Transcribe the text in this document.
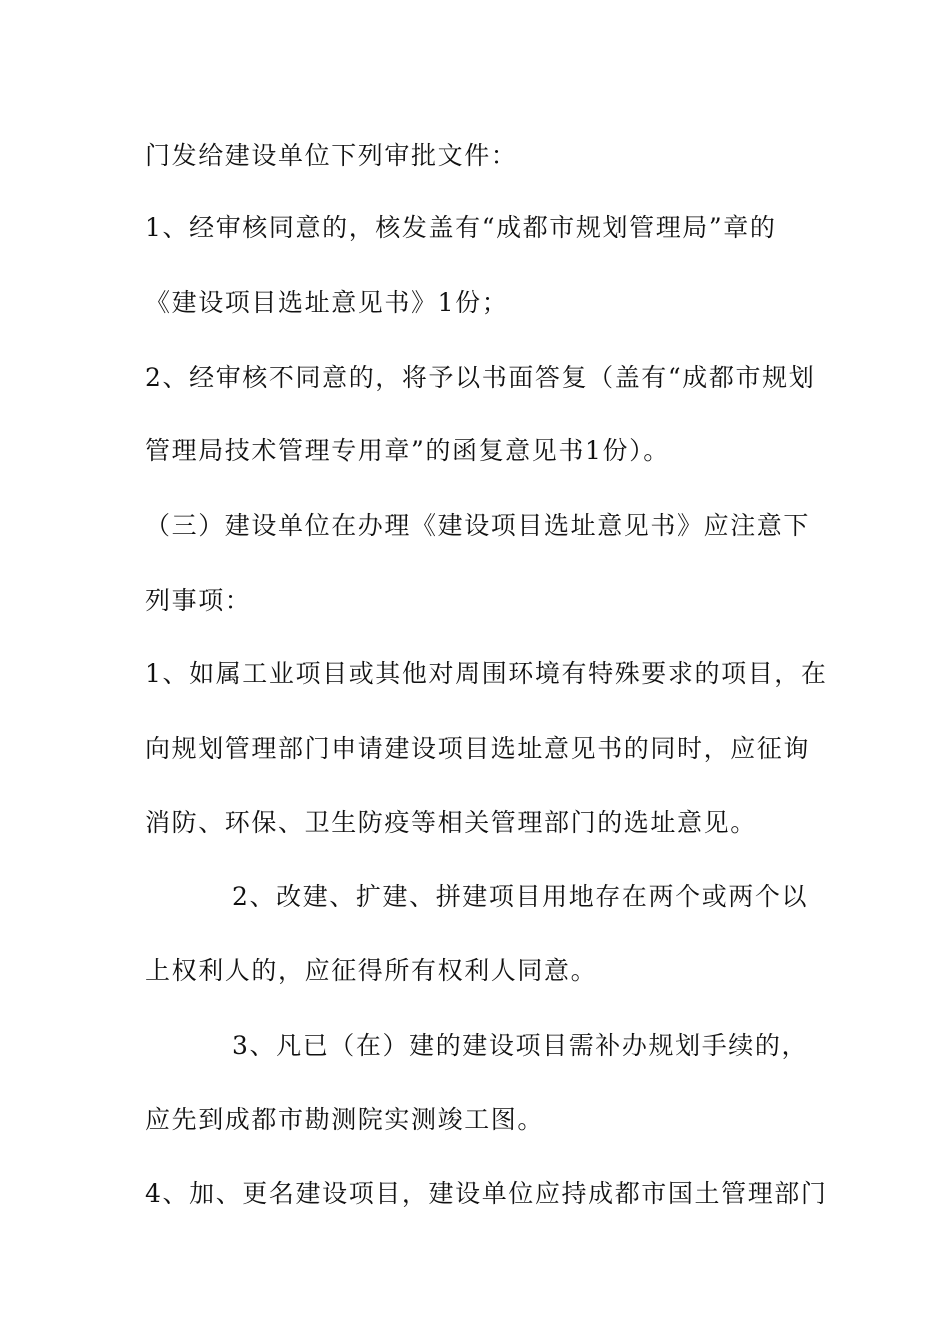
门发给建设单位下列审批文件：
1、经审核同意的，核发盖有“成都市规划管理局”章的
《建设项目选址意见书》1份；
2、经审核不同意的，将予以书面答复（盖有“成都市规划
管理局技术管理专用章”的函复意见书1份）。
（三）建设单位在办理《建设项目选址意见书》应注意下
列事项：
1、如属工业项目或其他对周围环境有特殊要求的项目，在
向规划管理部门申请建设项目选址意见书的同时，应征询
消防、环保、卫生防疫等相关管理部门的选址意见。
2、改建、扩建、拼建项目用地存在两个或两个以
上权利人的，应征得所有权利人同意。
3、凡已（在）建的建设项目需补办规划手续的，
应先到成都市勘测院实测竣工图。
4、加、更名建设项目，建设单位应持成都市国土管理部门
